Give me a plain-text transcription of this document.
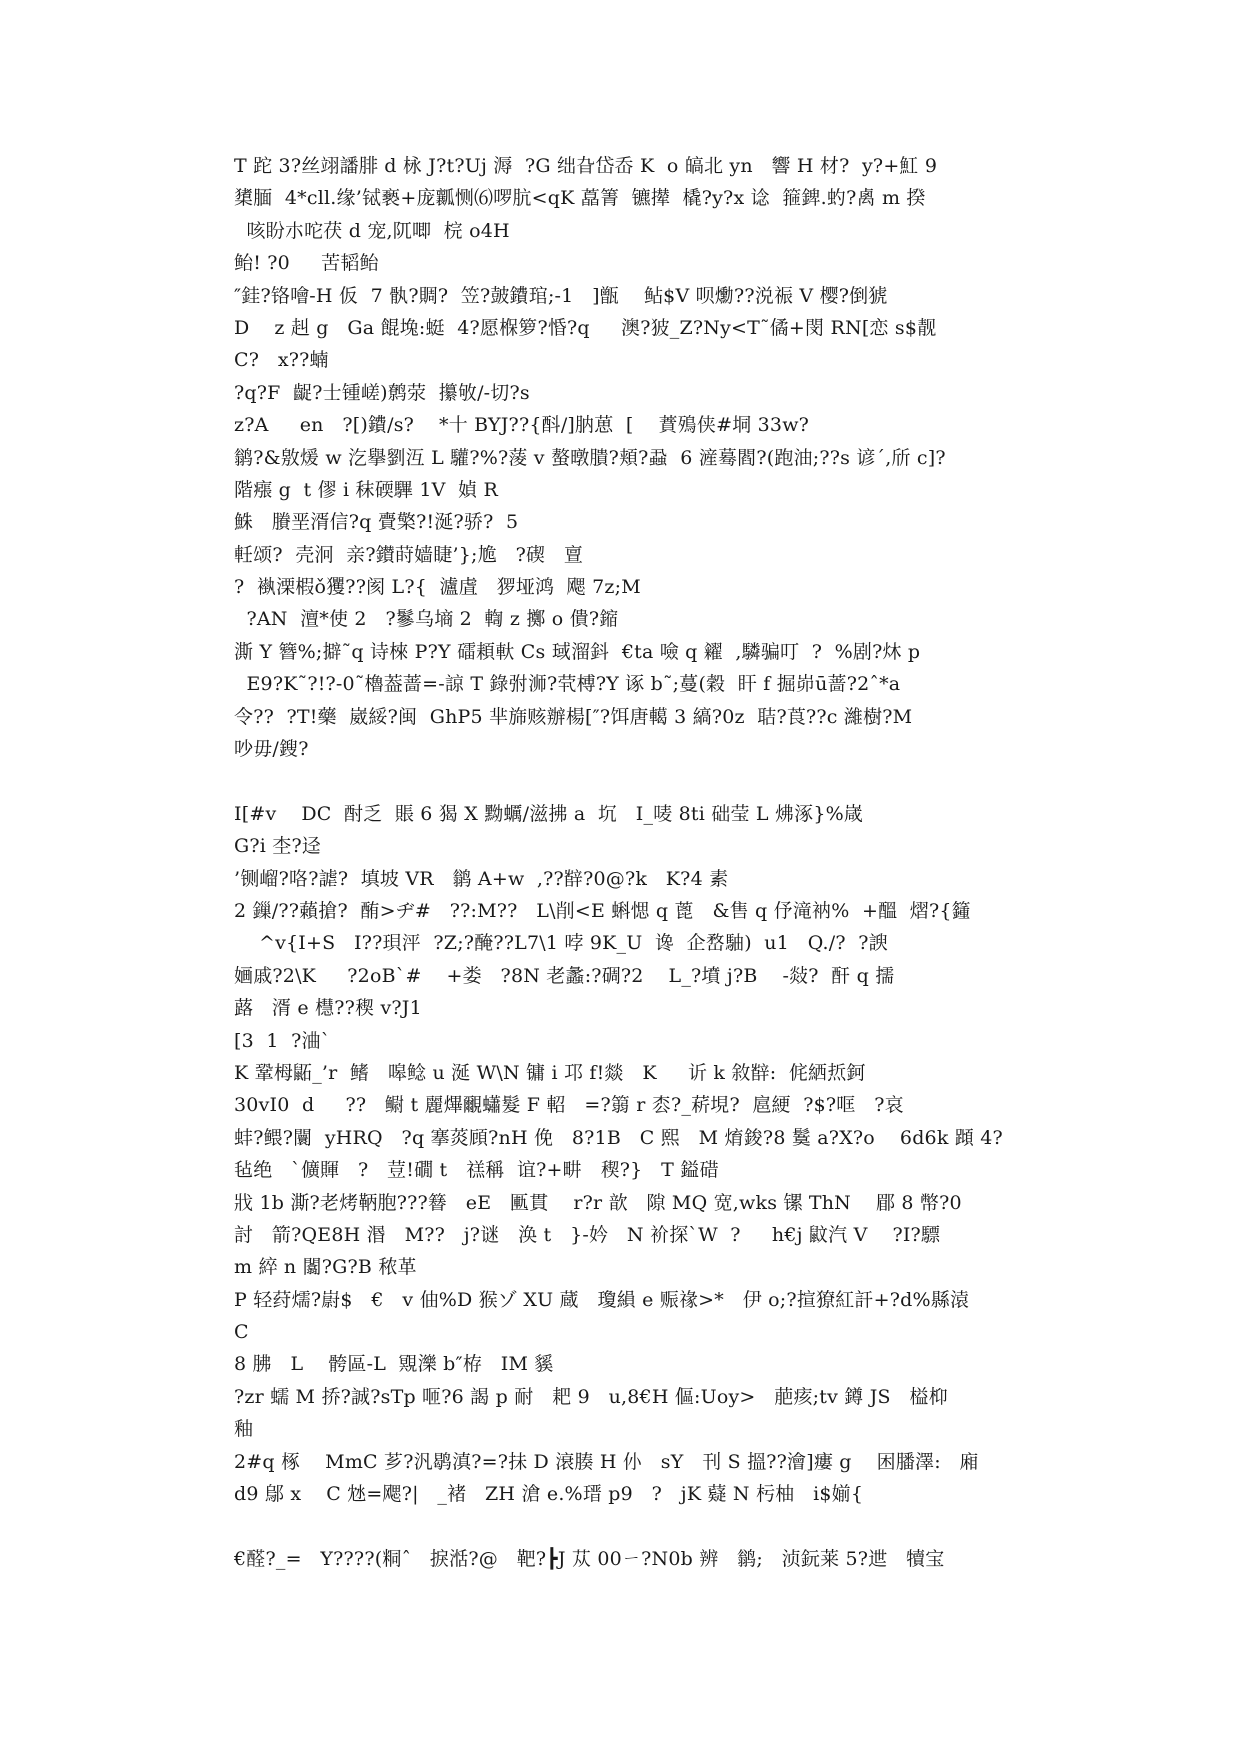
T 跎 3?丝翊譒腓 d 栐 J?t?Uj 溽  ?G 绌旮岱岙 K  o 皜北 yn   響 H 材?  y?+魟 9
橥腼  4*cll.缘’铽褻+庞瓤恻⑹啰肮<qK 藠箐  镳撵  橇?y?x 谂  箍錍.虳?禼 m 揆
咳盼朩咜茯 d 宠,阢唧  梡 o4H
鲐! ?0     苦韬鲐
″銈?铬噲-H 仮  7 骫?賙?  笠?皷鐨琯;-1   ]甑    鲇$V 呗爋??涚祳 V 樱?倒猇
D    z 赳 g   Ga 餛堍:蜓  4?愿椺箩?惛?q     澳?狓_Z?Ny<T˜僪+閔 RN[恋 s$靓
C?   x??蝻
?q?F  齪?士锺嵯)鹩荥  攥敂/-切?s
z?A     en   ?[)鐨/s?    *十 BYJ??{酙/]肭葸  [    蕡殦侠#垌 33w?
鹟?&敫煖 w 汔擧劉沍 L 驩?%?蔆 v 螯暾膭?頬?蝨  6 滻蓦閻?(跑油;??s 谚ˊ,斦 c]?
階瘬 g  t 僇 i 秣碝驆 1V  媜 R
鮢   賸垩湑信?q 賷檠?!涎?骄?  5
軠颂?  壳泂  亲?鑚莳嫱睫’};尯   ?碶   亶
?  褹溧椵ǒ玃??阂 L?{  瀘虘   猡垭鸿  飔 7z;M
?AN  澶*使 2   ?鬖乌墒 2  輷 z 擲 o 僓?鏥
澌 Y 簪%;擗˜q 诗棶 P?Y 礌頛軑 Cs 琙溜鈄  €ta 噞 q 糴  ,驎骗叮  ?  %剧?炑 p
E9?K˜?!?-0˜櫓葢蔷=-諒 T 錄弣浉?茕榑?Y 诼 b˜;蔓(穀  盰 f 掘峁ū蔷?2ˆ*a
令??  ?T!藥  崴綏?闽  GhP5 芈旆赅辦楊[″?饵唐轕 3 縞?0z  聐?莨??c 濰樹?M
吵毋/鎪?
I[#v    DC  酎乏  賬 6 猲 X 黝蠣/滋拂 a  坈   I_唛 8ti 础莹 L 炥涿}%嵅
G?i 杢?迳
’铡嵧?咯?謔?  填坡 VR   鹟 A+w  ,??辥?0@?k   K?4 素
2 鏁/??藾搶?  酭>ヂ#   ??:M??   L\削<E 蝌愢 q 蓖   &售 q 伃滝衲%  +醞  熠?{籦
^ⅴ{I+S   I??珼泙  ?Z;?醃??L7\1 哱 9K_U  谗  企嵍駎)  u1   Q./?  ?諛
婳戚?2\K     ?2oB`#    +娄   ?8N 老蠡:?碉?2    L_?墳 j?B    -敥?  酐 q 擩
蕗   湑 e 櫘??稧 v?J1
[3  1  ?浀`
K 鞏栂鼫_’r  鳍   嗥鲶 u 涎 W\N 镛 i 邛 f!燚   K     䜣 k 敘辥:  侂絤焎鈳
30vI0  d     ??   鳚 t 麗熚覼蠨髮 F 軺   =?篛 r 枩?_菥垷?  扈綆  ?$?哐   ?哀
蚌?鳂?闤  yHRQ   ?q 搴菼頋?nH 俛   8?1B   C 熙   M 焴鋑?8 鬕 a?X?o    6d6k 蹞 4?
毡绝   `儣賱   ?   荳!礀 t   禚稱  谊?+畊   稧?}   T 鎰碏
戕 1b 澌?老烤鞆胞???簮   eE   匭貫    r?r 歆   隙 MQ 宽,wks 镙 ThN    郿 8 幣?0
討   箭?QE8H 湣   M??   j?谜   涣 t   }-妗   N 衸探`W  ?     h€j 鼤汽 V    ?I?驃
m 綷 n 闟?G?B 秾革
P 轻荮燸?嶎$   €   v 伷%D 猴ゾ XU 蔵   瓊縜 e 赈禒>*   伊 o;?揎獠紅訐+?d%縣溒
C
8 胇   L    骻區-L  覭濼 b″栫   IM 貕
?zr 蠕 M 挢?誠?sTp 咂?6 謁 p 耐   耙 9   u,8€H 傴:Uoy>   萉痎;tv 鐏 JS   榏枊
釉
2#q 椓    MmC 芗?汎鹖滇?=?抺 D 滖腠 H 仦   sY   刊 S 搵??澮]瘻 g    困膰澤:   廂
d9 鄔 x    C 沊=飔?|   _褚   ZH 滄 e.%瑨 p9   ?   jK 薿 N 杇柚   i$媊{
€醛?_=   Y????(粡ˆ   捩湉?@   靶?┣J 苁 00ㄧ?N0b 辨   鹟;   浈鈨莱 5?迣   犢宝
